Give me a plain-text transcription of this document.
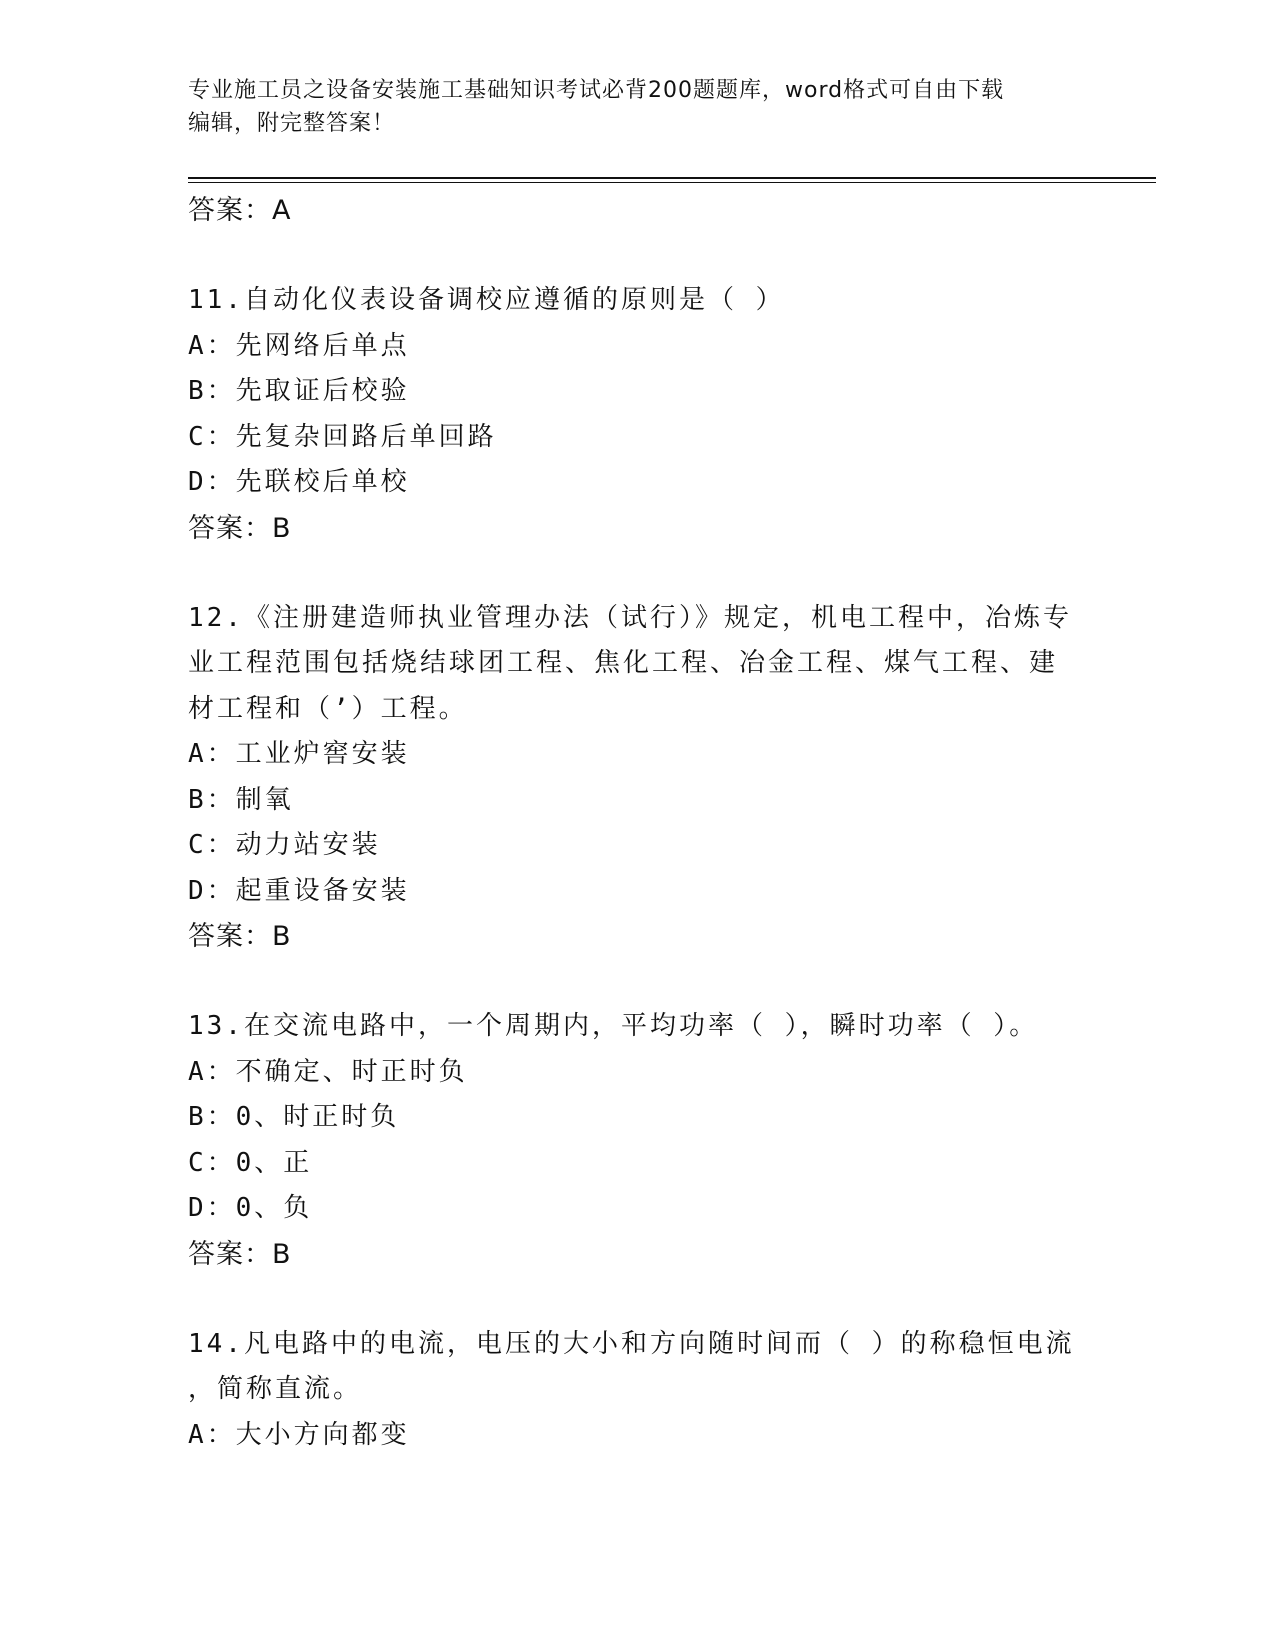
专业施工员之设备安装施工基础知识考试必背200题题库，word格式可自由下载
编辑，附完整答案！
答案：A
11.自动化仪表设备调校应遵循的原则是（ ）
A：先网络后单点
B：先取证后校验
C：先复杂回路后单回路
D：先联校后单校
答案：B
12.《注册建造师执业管理办法（试行）》规定，机电工程中，冶炼专
业工程范围包括烧结球团工程、焦化工程、冶金工程、煤气工程、建
材工程和（’）工程。
A：工业炉窖安装
B：制氧
C：动力站安装
D：起重设备安装
答案：B
13.在交流电路中，一个周期内，平均功率（ ），瞬时功率（ ）。
A：不确定、时正时负
B：0、时正时负
C：0、正
D：0、负
答案：B
14.凡电路中的电流，电压的大小和方向随时间而（ ）的称稳恒电流
，简称直流。
A：大小方向都变
